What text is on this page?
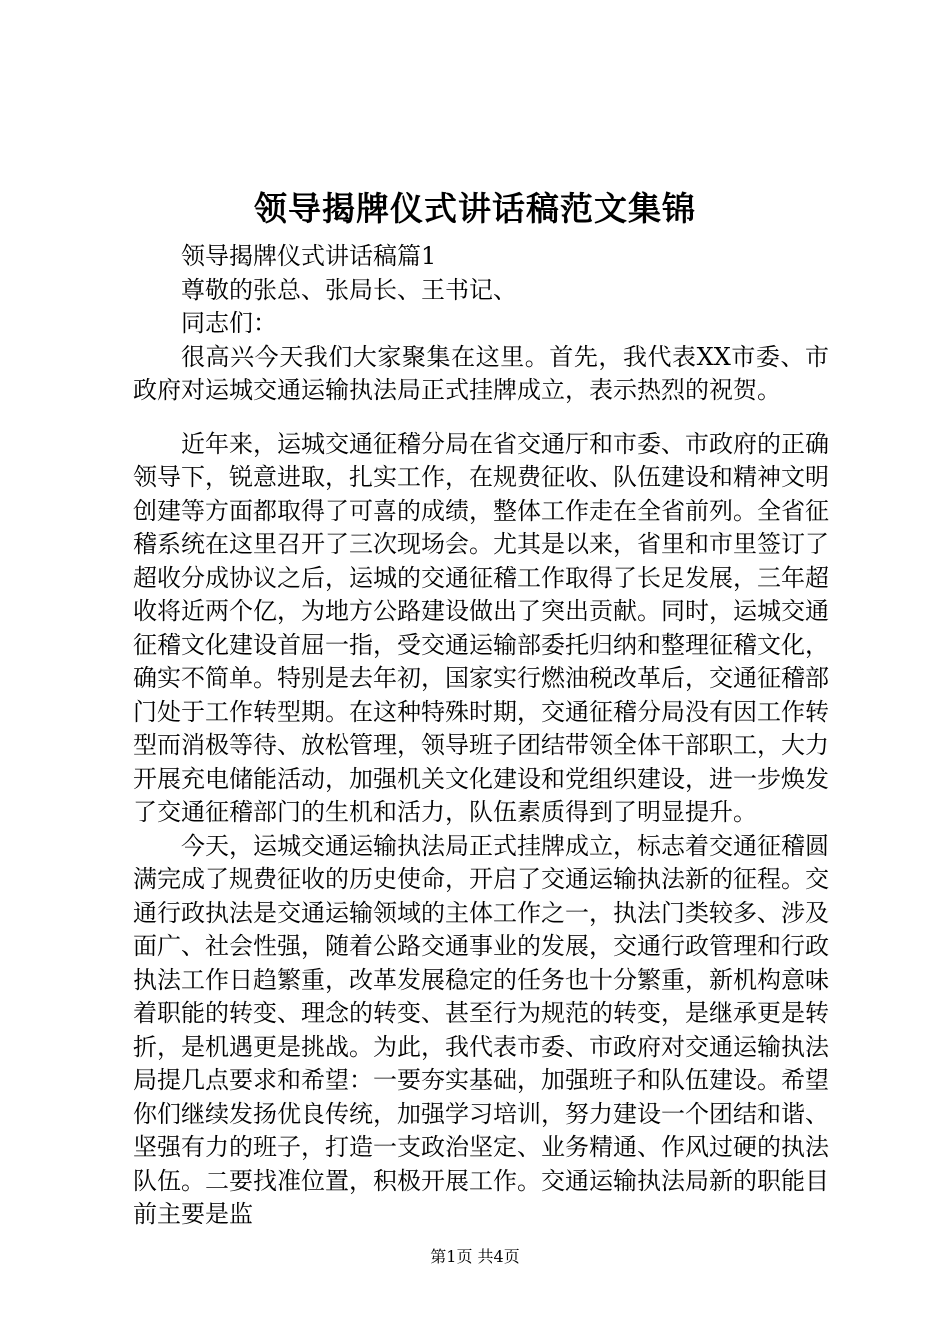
领导揭牌仪式讲话稿范文集锦

领导揭牌仪式讲话稿篇1

尊敬的张总、张局长、王书记、

同志们：

很高兴今天我们大家聚集在这里。首先，我代表XX市委、市政府对运城交通运输执法局正式挂牌成立，表示热烈的祝贺。

近年来，运城交通征稽分局在省交通厅和市委、市政府的正确领导下，锐意进取，扎实工作，在规费征收、队伍建设和精神文明创建等方面都取得了可喜的成绩，整体工作走在全省前列。全省征稽系统在这里召开了三次现场会。尤其是以来，省里和市里签订了超收分成协议之后，运城的交通征稽工作取得了长足发展，三年超收将近两个亿，为地方公路建设做出了突出贡献。同时，运城交通征稽文化建设首屈一指，受交通运输部委托归纳和整理征稽文化，确实不简单。特别是去年初，国家实行燃油税改革后，交通征稽部门处于工作转型期。在这种特殊时期，交通征稽分局没有因工作转型而消极等待、放松管理，领导班子团结带领全体干部职工，大力开展充电储能活动，加强机关文化建设和党组织建设，进一步焕发了交通征稽部门的生机和活力，队伍素质得到了明显提升。

今天，运城交通运输执法局正式挂牌成立，标志着交通征稽圆满完成了规费征收的历史使命，开启了交通运输执法新的征程。交通行政执法是交通运输领域的主体工作之一，执法门类较多、涉及面广、社会性强，随着公路交通事业的发展，交通行政管理和行政执法工作日趋繁重，改革发展稳定的任务也十分繁重，新机构意味着职能的转变、理念的转变、甚至行为规范的转变，是继承更是转折，是机遇更是挑战。为此，我代表市委、市政府对交通运输执法局提几点要求和希望：一要夯实基础，加强班子和队伍建设。希望你们继续发扬优良传统，加强学习培训，努力建设一个团结和谐、坚强有力的班子，打造一支政治坚定、业务精通、作风过硬的执法队伍。二要找准位置，积极开展工作。交通运输执法局新的职能目前主要是监

第1页 共4页
